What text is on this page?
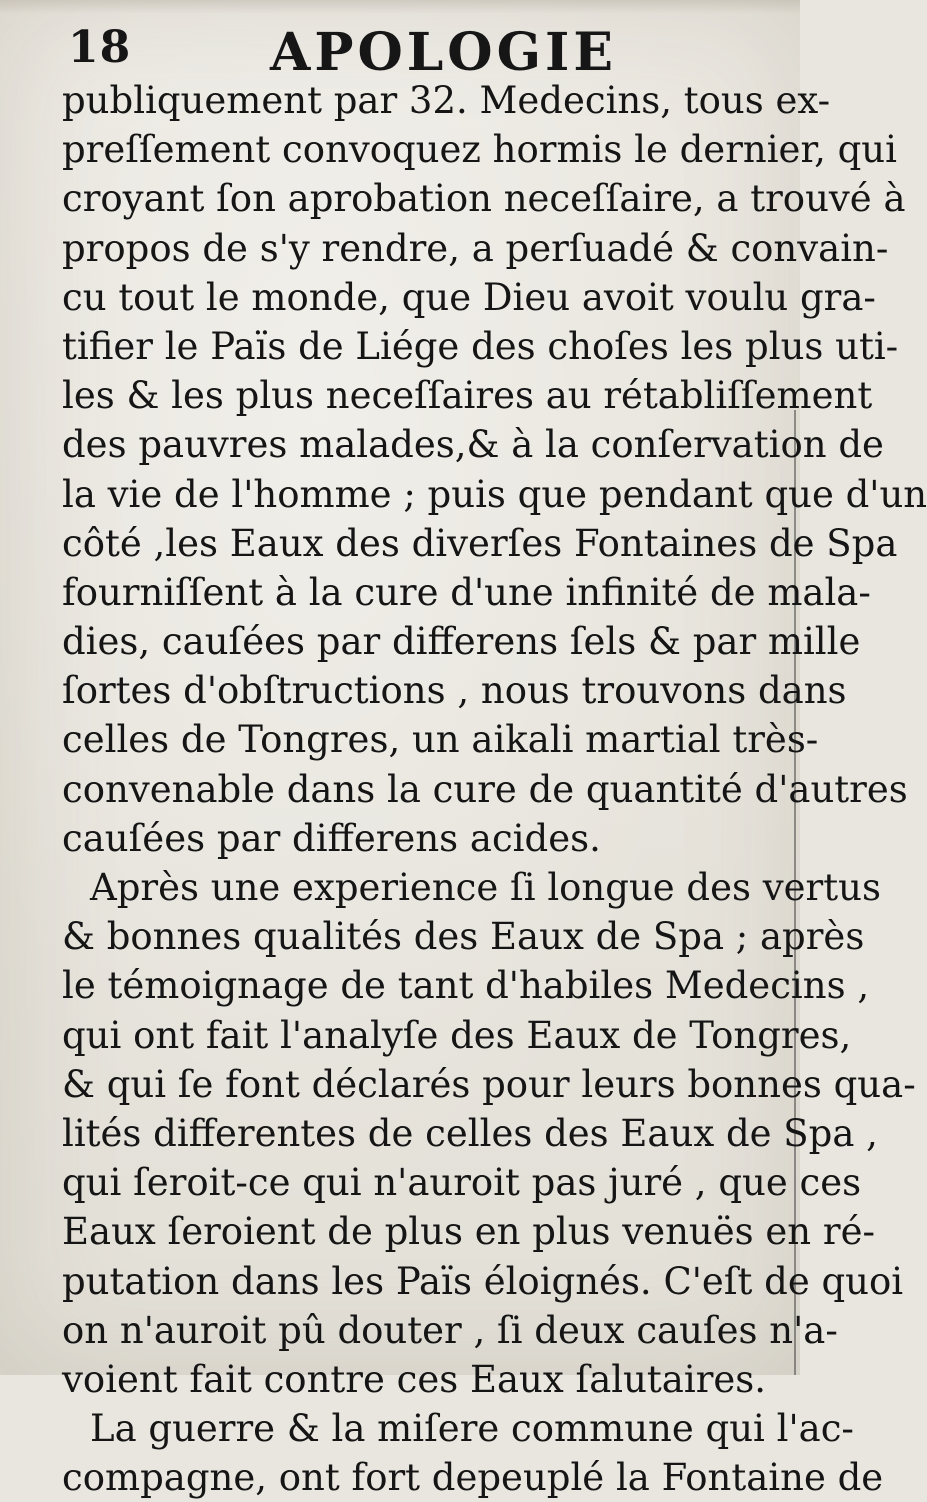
18	APOLOGIE
publiquement par 32. Medecins, tous ex-
preſſement convoquez hormis le dernier, qui
croyant ſon aprobation neceſſaire, a trouvé à
propos de s'y rendre, a perſuadé & convain-
cu tout le monde, que Dieu avoit voulu gra-
tifier le Païs de Liége des choſes les plus uti-
les & les plus neceſſaires au rétabliſſement
des pauvres malades,& à la conſervation de
la vie de l'homme ; puis que pendant que d'un
côté ,les Eaux des diverſes Fontaines de Spa
fourniſſent à la cure d'une infinité de mala-
dies, cauſées par differens ſels & par mille
ſortes d'obſtructions , nous trouvons dans
celles de Tongres, un aikali martial très-
convenable dans la cure de quantité d'autres
cauſées par differens acides.
Après une experience ſi longue des vertus
& bonnes qualités des Eaux de Spa ; après
le témoignage de tant d'habiles Medecins ,
qui ont fait l'analyſe des Eaux de Tongres,
& qui ſe font déclarés pour leurs bonnes qua-
lités differentes de celles des Eaux de Spa ,
qui ſeroit-ce qui n'auroit pas juré , que ces
Eaux ſeroient de plus en plus venuës en ré-
putation dans les Païs éloignés. C'eſt de quoi
on n'auroit pû douter , ſi deux cauſes n'a-
voient fait contre ces Eaux ſalutaires.
La guerre & la miſere commune qui l'ac-
compagne, ont fort depeuplé la Fontaine de
